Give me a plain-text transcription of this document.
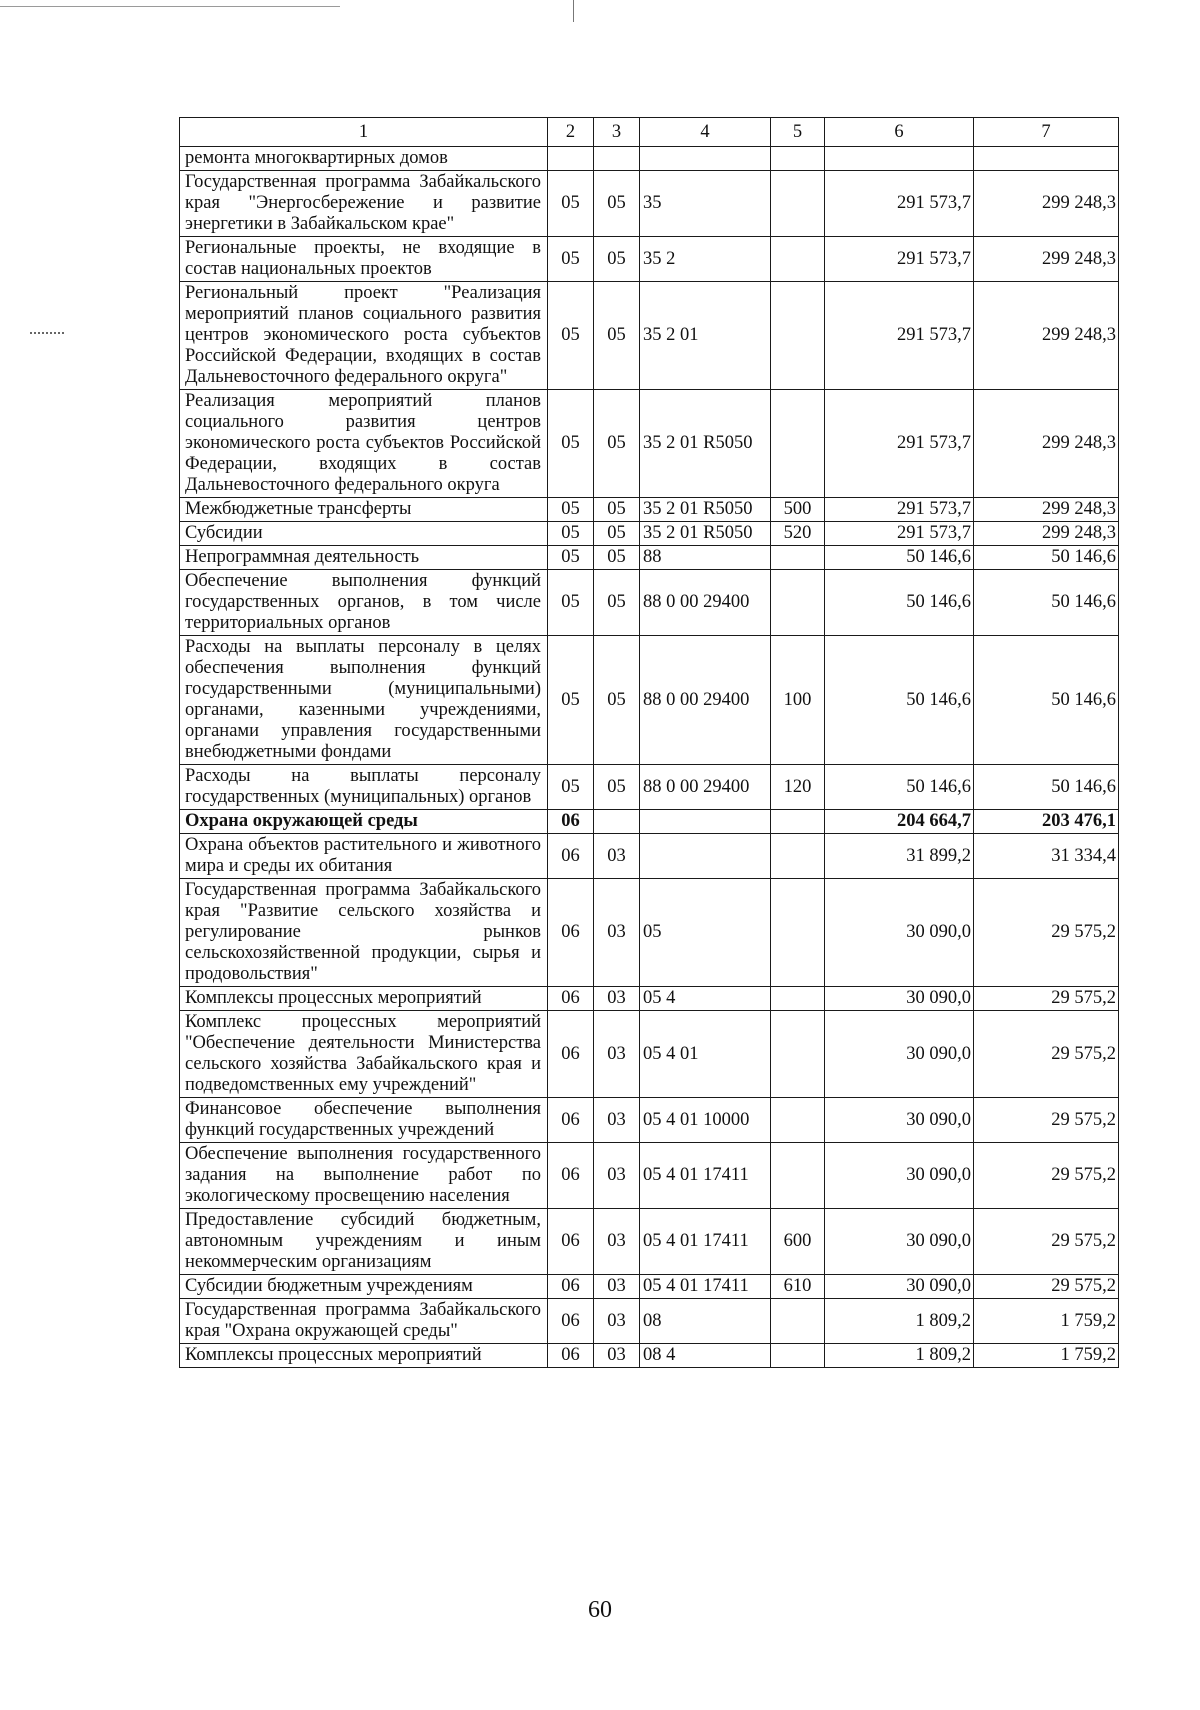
1	2	3	4	5	6	7
ремонта многоквартирных домов						
Государственная программа Забайкальского края "Энергосбережение и развитие энергетики в Забайкальском крае"	05	05	35		291 573,7	299 248,3
Региональные проекты, не входящие в состав национальных проектов	05	05	35 2		291 573,7	299 248,3
Региональный проект "Реализация мероприятий планов социального развития центров экономического роста субъектов Российской Федерации, входящих в состав Дальневосточного федерального округа"	05	05	35 2 01		291 573,7	299 248,3
Реализация мероприятий планов социального развития центров экономического роста субъектов Российской Федерации, входящих в состав Дальневосточного федерального округа	05	05	35 2 01 R5050		291 573,7	299 248,3
Межбюджетные трансферты	05	05	35 2 01 R5050	500	291 573,7	299 248,3
Субсидии	05	05	35 2 01 R5050	520	291 573,7	299 248,3
Непрограммная деятельность	05	05	88		50 146,6	50 146,6
Обеспечение выполнения функций государственных органов, в том числе территориальных органов	05	05	88 0 00 29400		50 146,6	50 146,6
Расходы на выплаты персоналу в целях обеспечения выполнения функций государственными (муниципальными) органами, казенными учреждениями, органами управления государственными внебюджетными фондами	05	05	88 0 00 29400	100	50 146,6	50 146,6
Расходы на выплаты персоналу государственных (муниципальных) органов	05	05	88 0 00 29400	120	50 146,6	50 146,6
Охрана окружающей среды	06				204 664,7	203 476,1
Охрана объектов растительного и животного мира и среды их обитания	06	03			31 899,2	31 334,4
Государственная программа Забайкальского края "Развитие сельского хозяйства и регулирование рынков сельскохозяйственной продукции, сырья и продовольствия"	06	03	05		30 090,0	29 575,2
Комплексы процессных мероприятий	06	03	05 4		30 090,0	29 575,2
Комплекс процессных мероприятий "Обеспечение деятельности Министерства сельского хозяйства Забайкальского края и подведомственных ему учреждений"	06	03	05 4 01		30 090,0	29 575,2
Финансовое обеспечение выполнения функций государственных учреждений	06	03	05 4 01 10000		30 090,0	29 575,2
Обеспечение выполнения государственного задания на выполнение работ по экологическому просвещению населения	06	03	05 4 01 17411		30 090,0	29 575,2
Предоставление субсидий бюджетным, автономным учреждениям и иным некоммерческим организациям	06	03	05 4 01 17411	600	30 090,0	29 575,2
Субсидии бюджетным учреждениям	06	03	05 4 01 17411	610	30 090,0	29 575,2
Государственная программа Забайкальского края "Охрана окружающей среды"	06	03	08		1 809,2	1 759,2
Комплексы процессных мероприятий	06	03	08 4		1 809,2	1 759,2
60
